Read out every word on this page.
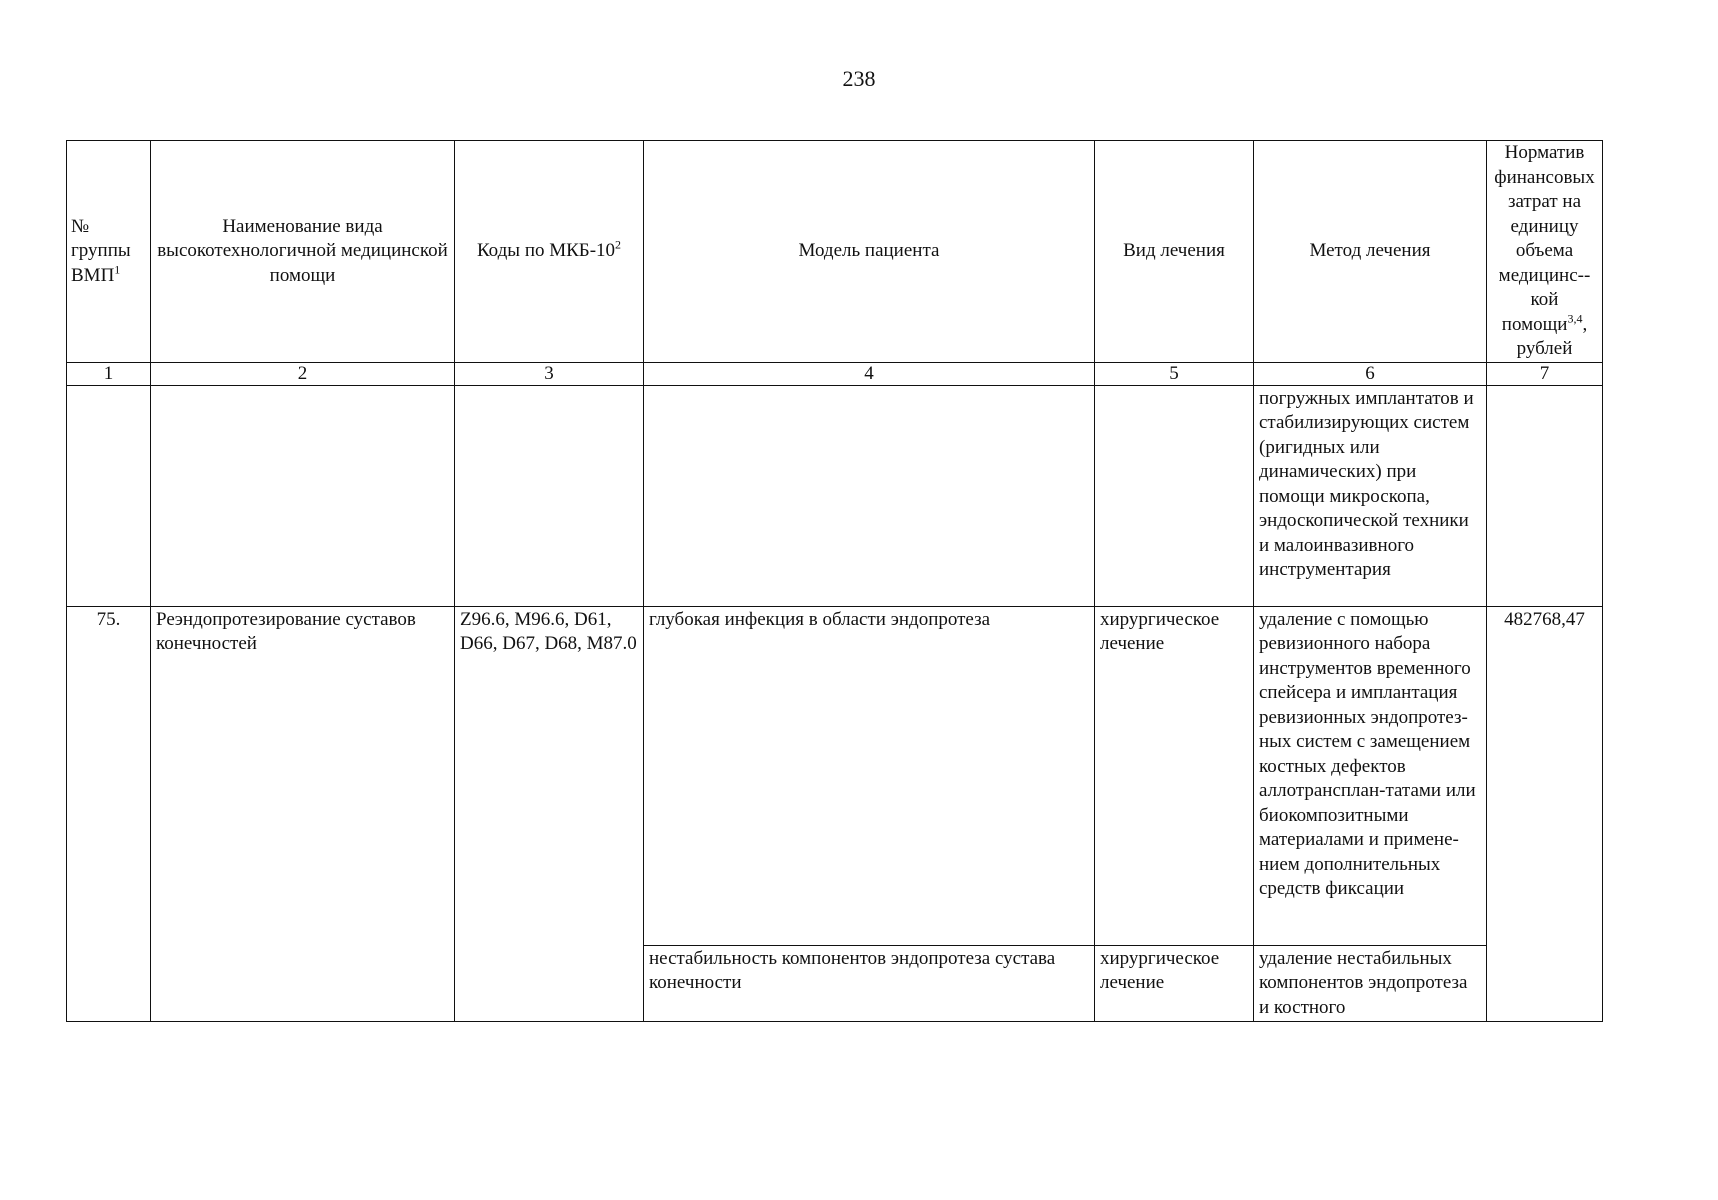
238
№ группы ВМП$^1$	Наименование вида высокотехнологичной медицинской помощи	Коды по МКБ-$10^2$	Модель пациента	Вид лечения	Метод лечения	Норматив финансовых затрат на единицу объема медицинс--кой помощи$^{3,4}$, рублей
1	2	3	4	5	6	7
					погружных имплантатов и стабилизирующих систем (ригидных или динамических) при помощи микроскопа, эндоскопической техники и малоинвазивного инструментария	
75.	Реэндопротезирование суставов конечностей	Z96.6, M96.6, D61, D66, D67, D68, M87.0	глубокая инфекция в области эндопротеза	хирургическое лечение	удаление с помощью ревизионного набора инструментов временного спейсера и имплантация ревизионных эндопротез-ных систем с замещением костных дефектов аллотрансплан-татами или биокомпозитными материалами и примене-нием дополнительных средств фиксации	482768,47
			нестабильность компонентов эндопротеза сустава конечности	хирургическое лечение	удаление нестабильных компонентов эндопротеза и костного	
